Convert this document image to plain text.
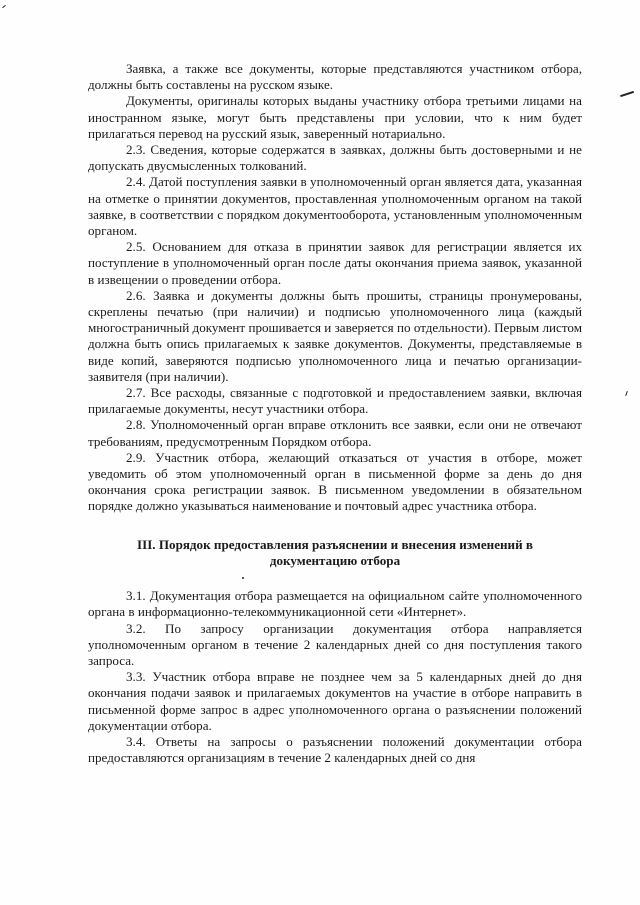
Заявка, а также все документы, которые представляются участником отбора, должны быть составлены на русском языке.

Документы, оригиналы которых выданы участнику отбора третьими лицами на иностранном языке, могут быть представлены при условии, что к ним будет прилагаться перевод на русский язык, заверенный нотариально.

2.3. Сведения, которые содержатся в заявках, должны быть достоверными и не допускать двусмысленных толкований.

2.4. Датой поступления заявки в уполномоченный орган является дата, указанная на отметке о принятии документов, проставленная уполномоченным органом на такой заявке, в соответствии с порядком документооборота, установленным уполномоченным органом.

2.5. Основанием для отказа в принятии заявок для регистрации является их поступление в уполномоченный орган после даты окончания приема заявок, указанной в извещении о проведении отбора.

2.6. Заявка и документы должны быть прошиты, страницы пронумерованы, скреплены печатью (при наличии) и подписью уполномоченного лица (каждый многостраничный документ прошивается и заверяется по отдельности). Первым листом должна быть опись прилагаемых к заявке документов. Документы, представляемые в виде копий, заверяются подписью уполномоченного лица и печатью организации-заявителя (при наличии).

2.7. Все расходы, связанные с подготовкой и предоставлением заявки, включая прилагаемые документы, несут участники отбора.

2.8. Уполномоченный орган вправе отклонить все заявки, если они не отвечают требованиям, предусмотренным Порядком отбора.

2.9. Участник отбора, желающий отказаться от участия в отборе, может уведомить об этом уполномоченный орган в письменной форме за день до дня окончания срока регистрации заявок. В письменном уведомлении в обязательном порядке должно указываться наименование и почтовый адрес участника отбора.

III. Порядок предоставления разъяснении и внесения изменений в документацию отбора

3.1. Документация отбора размещается на официальном сайте уполномоченного органа в информационно-телекоммуникационной сети «Интернет».

3.2. По запросу организации документация отбора направляется уполномоченным органом в течение 2 календарных дней со дня поступления такого запроса.

3.3. Участник отбора вправе не позднее чем за 5 календарных дней до дня окончания подачи заявок и прилагаемых документов на участие в отборе направить в письменной форме запрос в адрес уполномоченного органа о разъяснении положений документации отбора.

3.4. Ответы на запросы о разъяснении положений документации отбора предоставляются организациям в течение 2 календарных дней со дня
